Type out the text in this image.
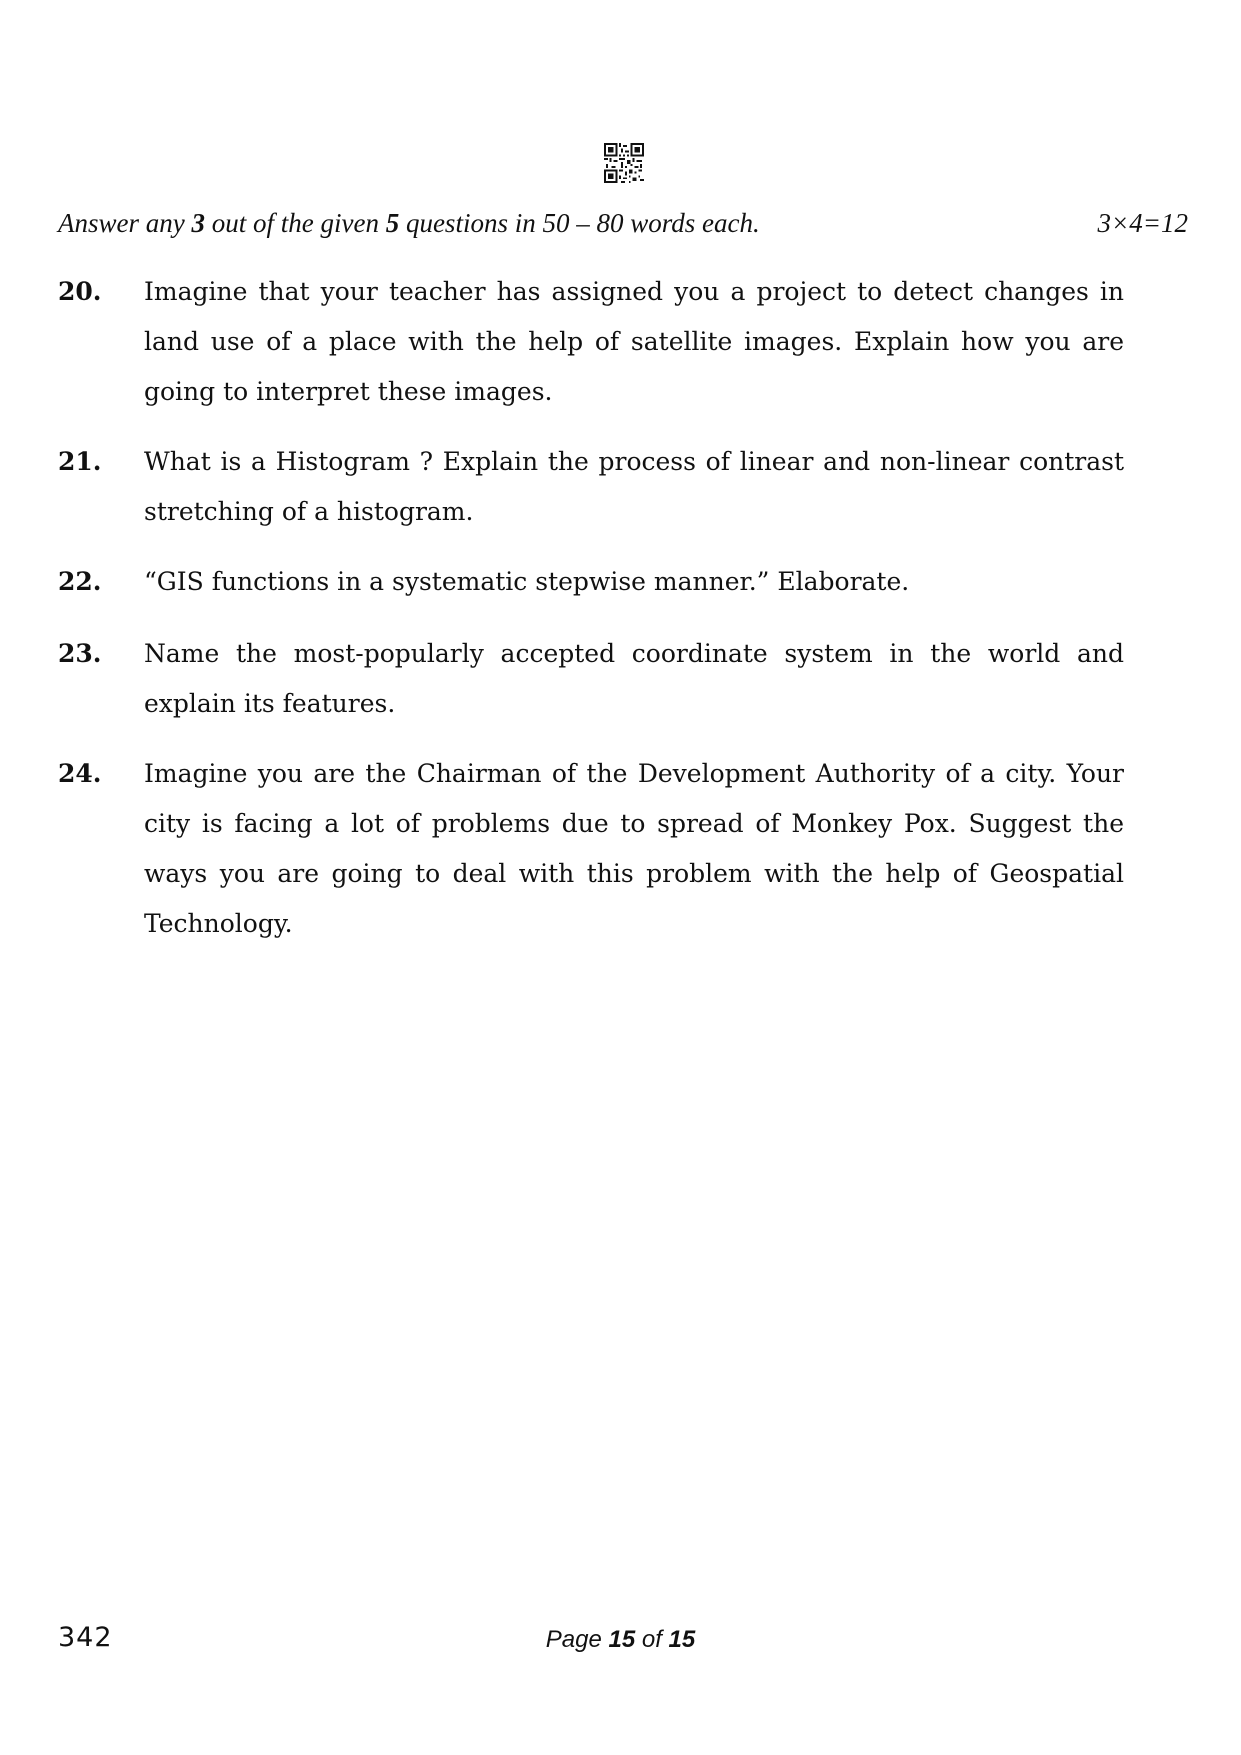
Answer any 3 out of the given 5 questions in 50 – 80 words each.	3×4=12
20. Imagine that your teacher has assigned you a project to detect changes in land use of a place with the help of satellite images. Explain how you are going to interpret these images.
21. What is a Histogram ? Explain the process of linear and non-linear contrast stretching of a histogram.
22. “GIS functions in a systematic stepwise manner.” Elaborate.
23. Name the most-popularly accepted coordinate system in the world and explain its features.
24. Imagine you are the Chairman of the Development Authority of a city. Your city is facing a lot of problems due to spread of Monkey Pox. Suggest the ways you are going to deal with this problem with the help of Geospatial Technology.
342	Page 15 of 15
